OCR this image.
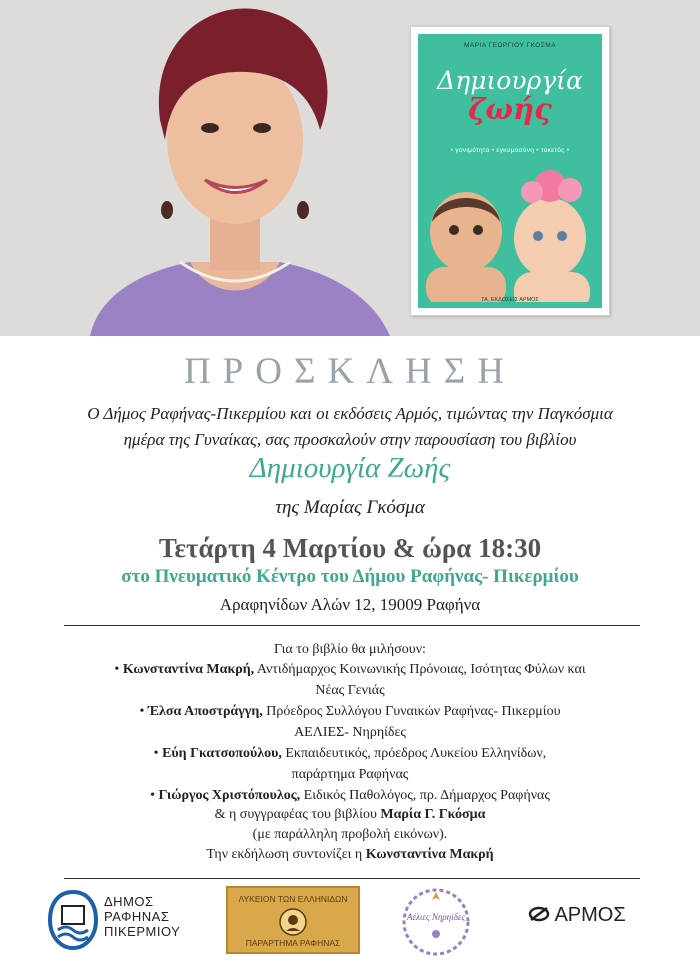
ΜΑΡΙΑ ΓΕΩΡΓΙΟΥ ΓΚΟΣΜΑ
Δημιουργία
ζωής
• γονιμότητα • εγκυμοσύνη • τοκετός •
ΤΑ. ΕΚΔΟΣΕΙΣ ΑΡΜΟΣ
ΠΡΟΣΚΛΗΣΗ
Ο Δήμος Ραφήνας-Πικερμίου και οι εκδόσεις Αρμός, τιμώντας την Παγκόσμια
ημέρα της Γυναίκας, σας προσκαλούν στην παρουσίαση του βιβλίου
Δημιουργία Ζωής
της Μαρίας Γκόσμα
Τετάρτη 4 Μαρτίου & ώρα 18:30
στο Πνευματικό Κέντρο του Δήμου Ραφήνας- Πικερμίου
Αραφηνίδων Αλών 12, 19009 Ραφήνα
Για το βιβλίο θα μιλήσουν:
• Κωνσταντίνα Μακρή, Αντιδήμαρχος Κοινωνικής Πρόνοιας, Ισότητας Φύλων και
Νέας Γενιάς
• Έλσα Αποστράγγη, Πρόεδρος Συλλόγου Γυναικών Ραφήνας- Πικερμίου
ΑΕΛΙΕΣ- Νηρηίδες
• Εύη Γκατσοπούλου, Εκπαιδευτικός, πρόεδρος Λυκείου Ελληνίδων,
παράρτημα Ραφήνας
• Γιώργος Χριστόπουλος, Ειδικός Παθολόγος, πρ. Δήμαρχος Ραφήνας
& η συγγραφέας του βιβλίου Μαρία Γ. Γκόσμα
(με παράλληλη προβολή εικόνων).
Την εκδήλωση συντονίζει η Κωνσταντίνα Μακρή
ΔΗΜΟΣ
ΡΑΦΗΝΑΣ
ΠΙΚΕΡΜΙΟΥ
ΛΥΚΕΙΟΝ ΤΩΝ ΕΛΛΗΝΙΔΩΝ
ΠΑΡΑΡΤΗΜΑ ΡΑΦΗΝΑΣ
Αέλιες Νηρηίδες	ΑΡΜΟΣ
